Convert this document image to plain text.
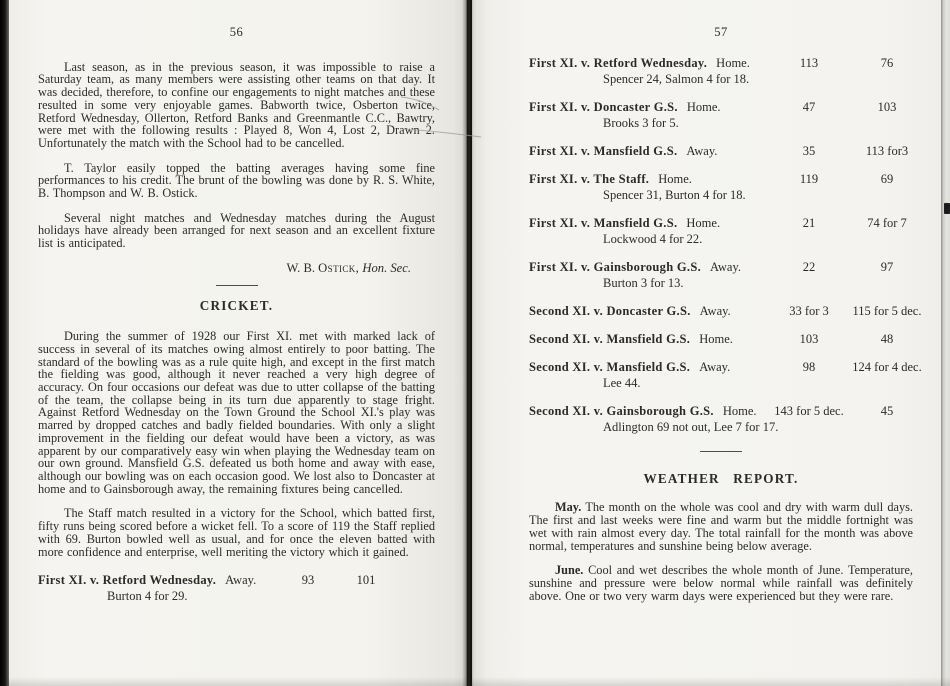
56

Last season, as in the previous season, it was impossible to raise a Saturday team, as many members were assisting other teams on that day. It was decided, therefore, to confine our engagements to night matches and these resulted in some very enjoyable games. Babworth twice, Osberton twice, Retford Wednesday, Ollerton, Retford Banks and Greenmantle C.C., Bawtry, were met with the following results : Played 8, Won 4, Lost 2, Drawn 2. Unfortunately the match with the School had to be cancelled.

T. Taylor easily topped the batting averages having some fine performances to his credit. The brunt of the bowling was done by R. S. White, B. Thompson and W. B. Ostick.

Several night matches and Wednesday matches during the August holidays have already been arranged for next season and an excellent fixture list is anticipated.

W. B. Ostick, Hon. Sec.
CRICKET.

During the summer of 1928 our First XI. met with marked lack of success in several of its matches owing almost entirely to poor batting. The standard of the bowling was as a rule quite high, and except in the first match the fielding was good, although it never reached a very high degree of accuracy. On four occasions our defeat was due to utter collapse of the batting of the team, the collapse being in its turn due apparently to stage fright. Against Retford Wednesday on the Town Ground the School XI.'s play was marred by dropped catches and badly fielded boundaries. With only a slight improvement in the fielding our defeat would have been a victory, as was apparent by our comparatively easy win when playing the Wednesday team on our own ground. Mansfield G.S. defeated us both home and away with ease, although our bowling was on each occasion good. We lost also to Doncaster at home and to Gainsborough away, the remaining fixtures being cancelled.

The Staff match resulted in a victory for the School, which batted first, fifty runs being scored before a wicket fell. To a score of 119 the Staff replied with 69. Burton bowled well as usual, and for once the eleven batted with more confidence and enterprise, well meriting the victory which it gained.

First XI. v. Retford Wednesday. Away.	93	101
Burton 4 for 29.
57
First XI. v. Retford Wednesday. Home.	113	76
Spencer 24, Salmon 4 for 18.
First XI. v. Doncaster G.S. Home.	47	103
Brooks 3 for 5.
First XI. v. Mansfield G.S. Away.	35	113 for3
First XI. v. The Staff. Home.	119	69
Spencer 31, Burton 4 for 18.
First XI. v. Mansfield G.S. Home.	21	74 for 7
Lockwood 4 for 22.
First XI. v. Gainsborough G.S. Away.	22	97
Burton 3 for 13.
Second XI. v. Doncaster G.S. Away.	33 for 3	115 for 5 dec.
Second XI. v. Mansfield G.S. Home.	103	48
Second XI. v. Mansfield G.S. Away.	98	124 for 4 dec.
Lee 44.
Second XI. v. Gainsborough G.S. Home.	143 for 5 dec.	45
Adlington 69 not out, Lee 7 for 17.
WEATHER REPORT.

May. The month on the whole was cool and dry with warm dull days. The first and last weeks were fine and warm but the middle fortnight was wet with rain almost every day. The total rainfall for the month was above normal, temperatures and sunshine being below average.

June. Cool and wet describes the whole month of June. Temperature, sunshine and pressure were below normal while rainfall was definitely above. One or two very warm days were experienced but they were rare.
